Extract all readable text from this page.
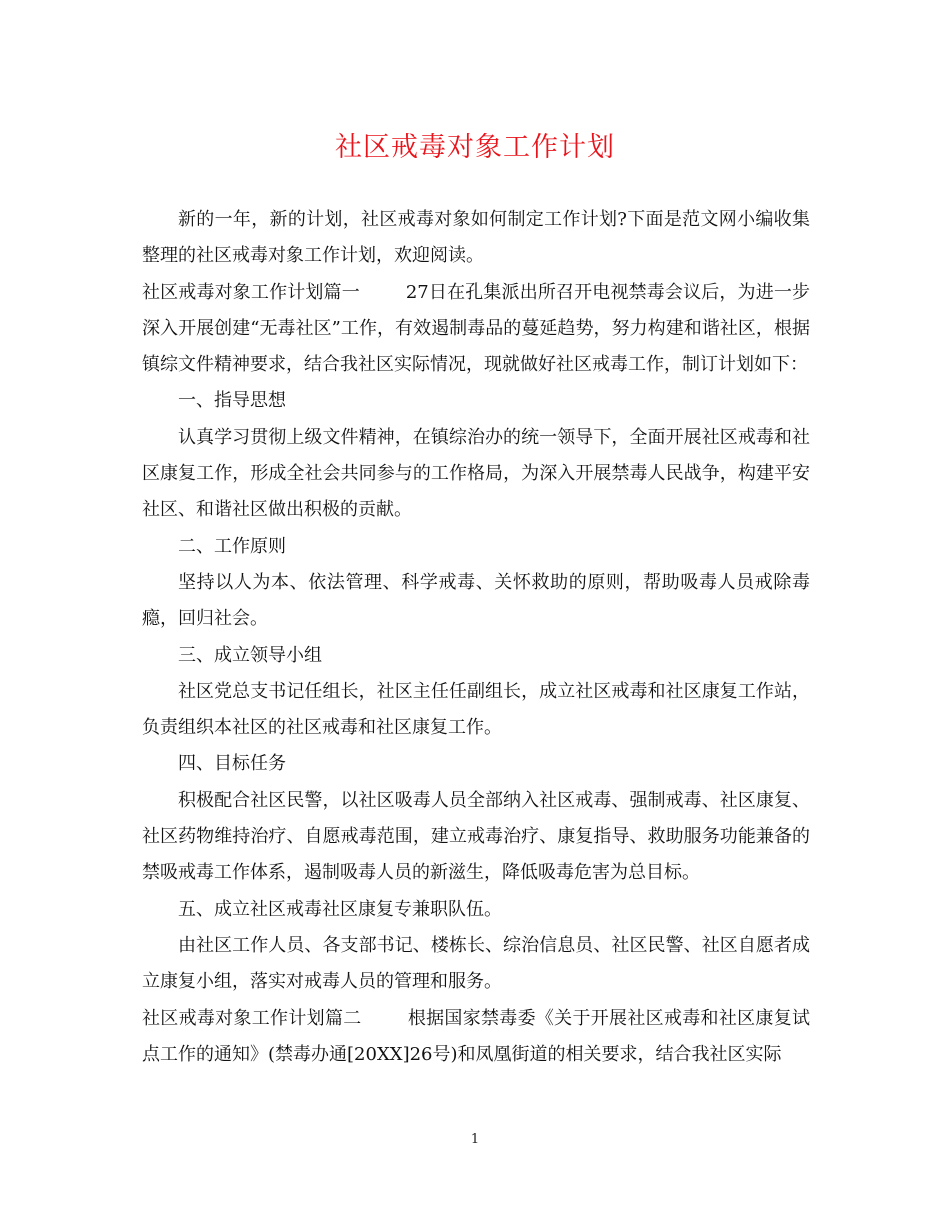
社区戒毒对象工作计划

新的一年，新的计划，社区戒毒对象如何制定工作计划?下面是范文网小编收集整理的社区戒毒对象工作计划，欢迎阅读。

社区戒毒对象工作计划篇一	27日在孔集派出所召开电视禁毒会议后，为进一步深入开展创建“无毒社区”工作，有效遏制毒品的蔓延趋势，努力构建和谐社区，根据镇综文件精神要求，结合我社区实际情况，现就做好社区戒毒工作，制订计划如下：

一、指导思想

认真学习贯彻上级文件精神，在镇综治办的统一领导下，全面开展社区戒毒和社区康复工作，形成全社会共同参与的工作格局，为深入开展禁毒人民战争，构建平安社区、和谐社区做出积极的贡献。

二、工作原则

坚持以人为本、依法管理、科学戒毒、关怀救助的原则，帮助吸毒人员戒除毒瘾，回归社会。

三、成立领导小组

社区党总支书记任组长，社区主任任副组长，成立社区戒毒和社区康复工作站，负责组织本社区的社区戒毒和社区康复工作。

四、目标任务

积极配合社区民警，以社区吸毒人员全部纳入社区戒毒、强制戒毒、社区康复、社区药物维持治疗、自愿戒毒范围，建立戒毒治疗、康复指导、救助服务功能兼备的禁吸戒毒工作体系，遏制吸毒人员的新滋生，降低吸毒危害为总目标。

五、成立社区戒毒社区康复专兼职队伍。

由社区工作人员、各支部书记、楼栋长、综治信息员、社区民警、社区自愿者成立康复小组，落实对戒毒人员的管理和服务。

社区戒毒对象工作计划篇二	根据国家禁毒委《关于开展社区戒毒和社区康复试点工作的通知》(禁毒办通[20XX]26号)和凤凰街道的相关要求，结合我社区实际

1
